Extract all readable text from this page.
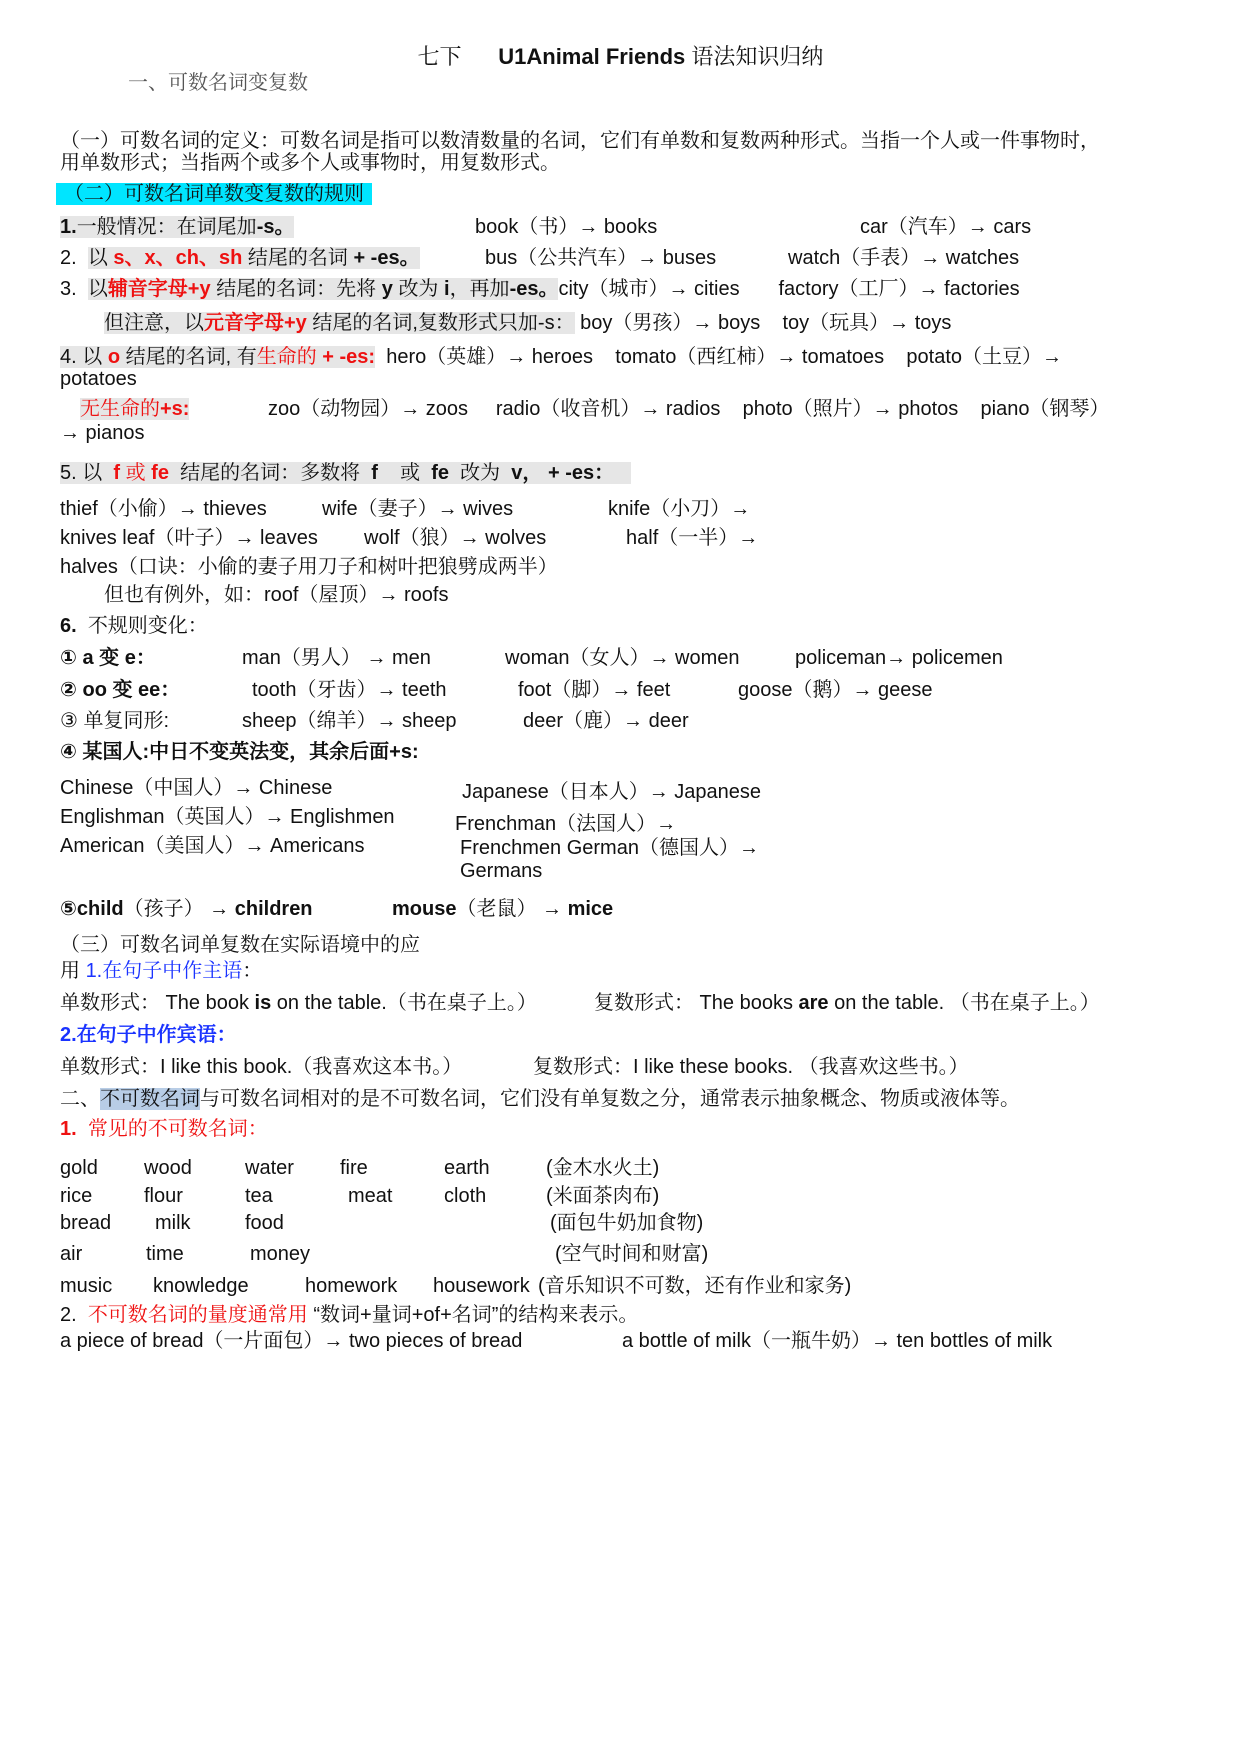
七下 U1Animal Friends 语法知识归纳
一、可数名词变复数
（一）可数名词的定义：可数名词是指可以数清数量的名词，它们有单数和复数两种形式。当指一个人或一件事物时，
用单数形式；当指两个或多个人或事物时，用复数形式。
（二）可数名词单数变复数的规则
1.一般情况：在词尾加-s。	book（书）→ books	car（汽车）→ cars
2. 以 s、x、ch、sh 结尾的名词 + -es。	bus（公共汽车）→ buses	watch（手表）→ watches
3. 以辅音字母+y 结尾的名词：先将 y 改为 i，再加-es。city（城市）→ cities factory（工厂）→ factories
但注意，以元音字母+y 结尾的名词,复数形式只加-s： boy（男孩）→ boys toy（玩具）→ toys
4. 以 o 结尾的名词, 有生命的 + -es: hero（英雄）→ heroes tomato（西红柿）→ tomatoes potato（土豆）→
potatoes
无生命的+s:	zoo（动物园）→ zoos radio（收音机）→ radios photo（照片）→ photos piano（钢琴）
→ pianos
5. 以 f 或 fe 结尾的名词：多数将 f 或 fe 改为 v， + -es：
thief（小偷）→ thieves	wife（妻子）→ wives	knife（小刀）→
knives leaf（叶子）→ leaves wolf（狼）→ wolves	half（一半）→
halves（口诀：小偷的妻子用刀子和树叶把狼劈成两半）
但也有例外，如：roof（屋顶）→ roofs
6. 不规则变化：
① a 变 e：	man（男人） → men	woman（女人）→ women	policeman→ policemen
② oo 变 ee：	tooth（牙齿）→ teeth	foot（脚）→ feet	goose（鹅）→ geese
③ 单复同形:	sheep（绵羊）→ sheep	deer（鹿）→ deer
④ 某国人:中日不变英法变，其余后面+s:
Chinese（中国人）→ Chinese
Englishman（英国人）→ Englishmen
American（美国人）→ Americans
Japanese（日本人）→ Japanese
Frenchman（法国人）→
Frenchmen German（德国人）→
Germans
⑤child（孩子） → children	mouse（老鼠） → mice
（三）可数名词单复数在实际语境中的应
用 1.在句子中作主语：
单数形式： The book is on the table.（书在桌子上。）	复数形式： The books are on the table. （书在桌子上。）
2.在句子中作宾语：
单数形式：I like this book.（我喜欢这本书。）	复数形式：I like these books. （我喜欢这些书。）
二、不可数名词与可数名词相对的是不可数名词，它们没有单复数之分，通常表示抽象概念、物质或液体等。
1. 常见的不可数名词：
gold wood	water fire	earth	(金木水火土)
rice	flour	tea	meat	cloth	(米面茶肉布)
bread milk	food	(面包牛奶加食物)
air	time	money	(空气时间和财富)
music knowledge	homework housework (音乐知识不可数，还有作业和家务)
2. 不可数名词的量度通常用 “数词+量词+of+名词”的结构来表示。
a piece of bread（一片面包）→ two pieces of bread	a bottle of milk（一瓶牛奶）→ ten bottles of milk
